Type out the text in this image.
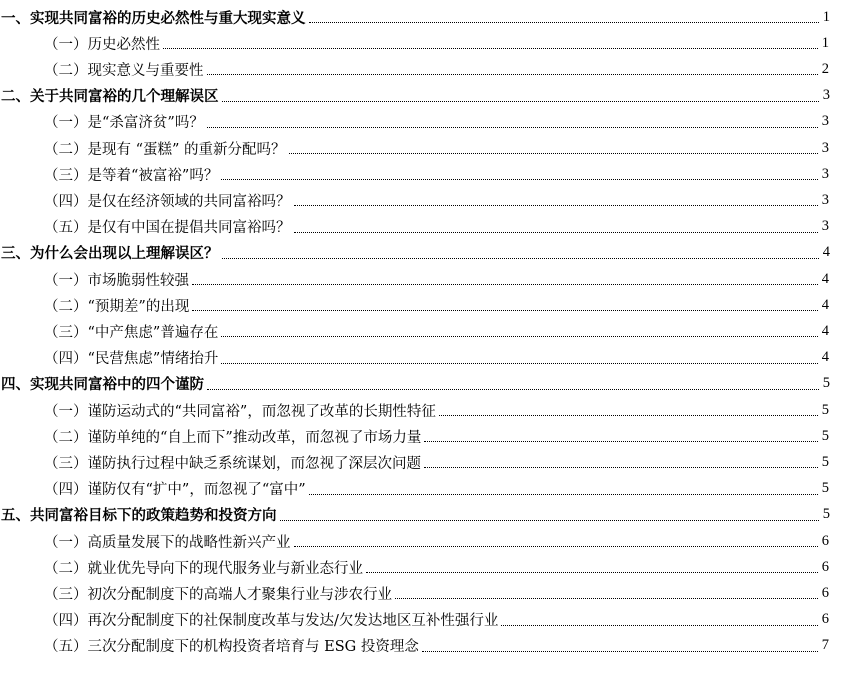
一、实现共同富裕的历史必然性与重大现实意义	1
（一）历史必然性	1
（二）现实意义与重要性	2
二、关于共同富裕的几个理解误区	3
（一）是“杀富济贫”吗？	3
（二）是现有 “蛋糕” 的重新分配吗？	3
（三）是等着“被富裕”吗？	3
（四）是仅在经济领域的共同富裕吗？	3
（五）是仅有中国在提倡共同富裕吗？	3
三、为什么会出现以上理解误区？	4
（一）市场脆弱性较强	4
（二）“预期差”的出现	4
（三）“中产焦虑”普遍存在	4
（四）“民营焦虑”情绪抬升	4
四、实现共同富裕中的四个谨防	5
（一）谨防运动式的“共同富裕”，而忽视了改革的长期性特征	5
（二）谨防单纯的“自上而下”推动改革，而忽视了市场力量	5
（三）谨防执行过程中缺乏系统谋划，而忽视了深层次问题	5
（四）谨防仅有“扩中”，而忽视了“富中”	5
五、共同富裕目标下的政策趋势和投资方向	5
（一）高质量发展下的战略性新兴产业	6
（二）就业优先导向下的现代服务业与新业态行业	6
（三）初次分配制度下的高端人才聚集行业与涉农行业	6
（四）再次分配制度下的社保制度改革与发达/欠发达地区互补性强行业	6
（五）三次分配制度下的机构投资者培育与 ESG 投资理念	7
